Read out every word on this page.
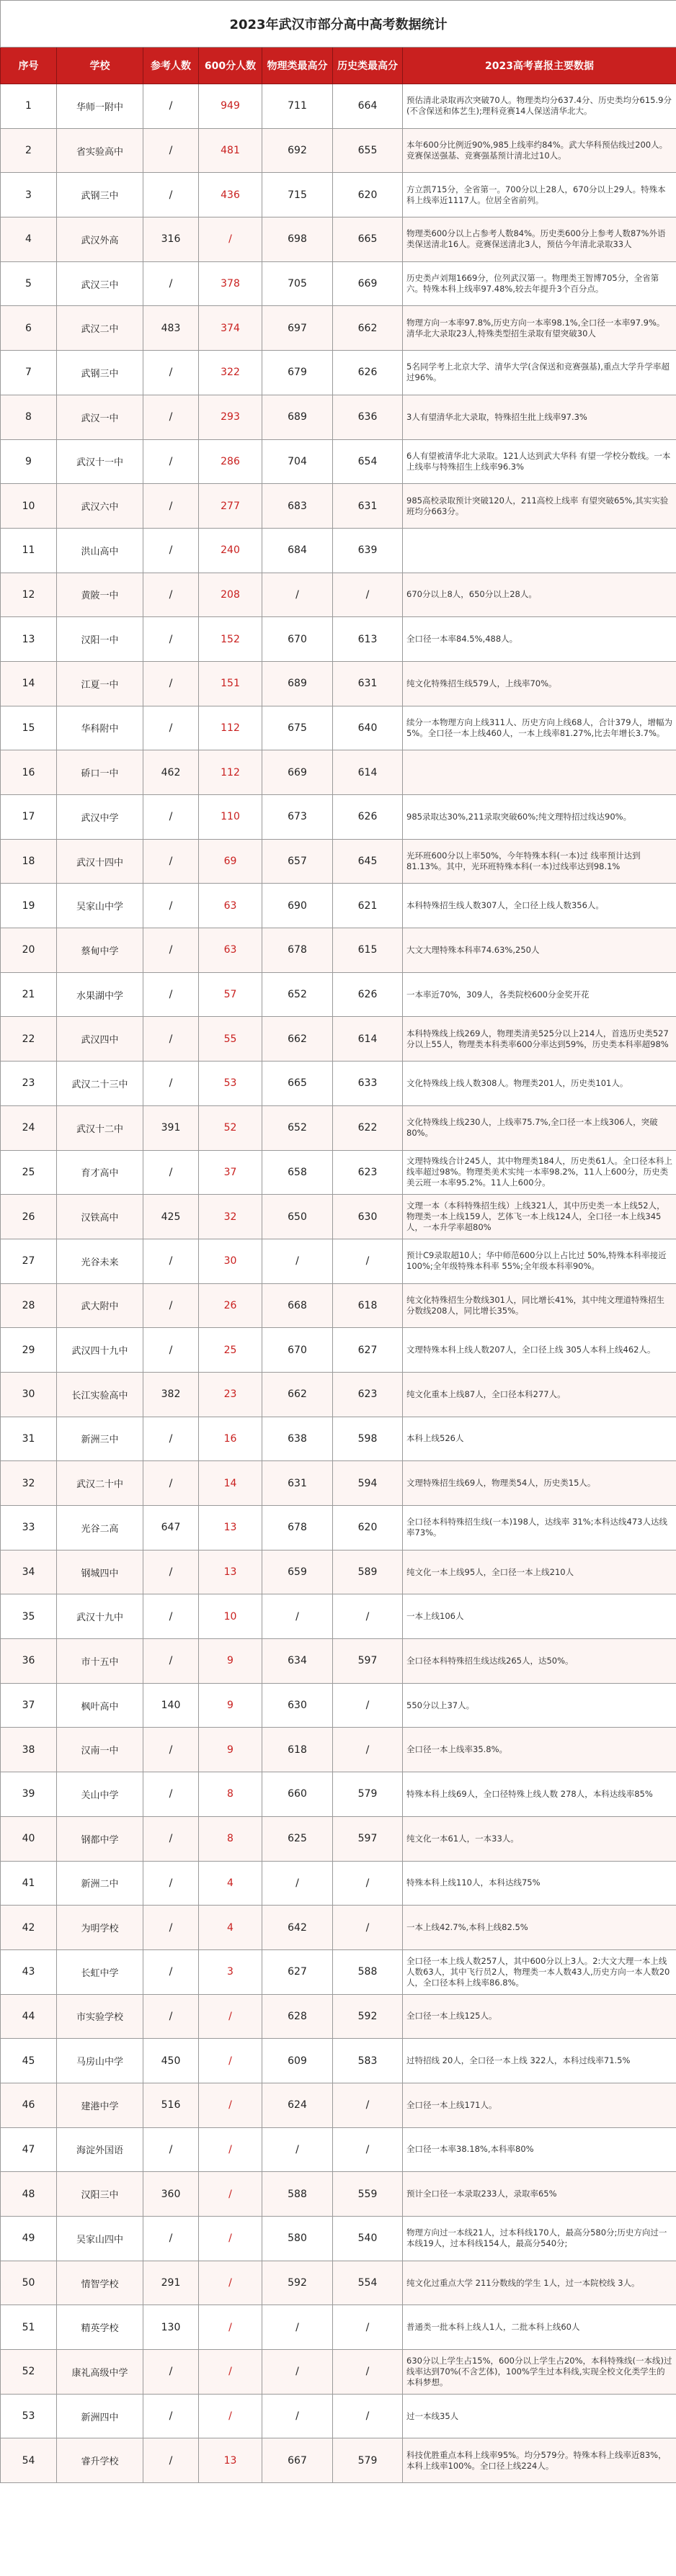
2023年武汉市部分高中高考数据统计						
序号	学校	参考人数	600分人数	物理类最高分	历史类最高分	2023高考喜报主要数据
1	华师一附中	/	949	711	664	预估清北录取再次突破70人。物理类均分637.4分、历史类均分615.9分(不含保送和体艺生);理科竞赛14人保送清华北大。
2	省实验高中	/	481	692	655	本年600分比例近90%,985上线率约84%。武大华科预估线过200人。竞赛保送强基、竞赛强基预计清北过10人。
3	武钢三中	/	436	715	620	方立凯715分，全省第一。700分以上28人，670分以上29人。特殊本科上线率近1117人。位居全省前列。
4	武汉外高	316	/	698	665	物理类600分以上占参考人数84%。历史类600分上参考人数87%外语类保送清北16人。竞赛保送清北3人，预估今年清北录取33人
5	武汉三中	/	378	705	669	历史类卢刘翔1669分，位列武汉第一。物理类王智博705分，全省第六。特殊本科上线率97.48%,较去年提升3个百分点。
6	武汉二中	483	374	697	662	物理方向一本率97.8%,历史方向一本率98.1%,全口径一本率97.9%。清华北大录取23人,特殊类型招生录取有望突破30人
7	武钢三中	/	322	679	626	5名同学考上北京大学、清华大学(含保送和竞赛强基),重点大学升学率超过96%。
8	武汉一中	/	293	689	636	3人有望清华北大录取，特殊招生批上线率97.3%
9	武汉十一中	/	286	704	654	6人有望被清华北大录取。121人达到武大华科 有望一学校分数线。一本上线率与特殊招生上线率96.3%
10	武汉六中	/	277	683	631	985高校录取预计突破120人，211高校上线率 有望突破65%,其实实验班均分663分。
11	洪山高中	/	240	684	639	
12	黄陂一中	/	208	/	/	670分以上8人，650分以上28人。
13	汉阳一中	/	152	670	613	全口径一本率84.5%,488人。
14	江夏一中	/	151	689	631	纯文化特殊招生线579人，上线率70%。
15	华科附中	/	112	675	640	续分一本物理方向上线311人、历史方向上线68人，合计379人，增幅为5%。全口径一本上线460人，一本上线率81.27%,比去年增长3.7%。
16	硚口一中	462	112	669	614	
17	武汉中学	/	110	673	626	985录取达30%,211录取突破60%;纯文理特招过线达90%。
18	武汉十四中	/	69	657	645	光环班600分以上率50%，今年特殊本科(一本)过 线率预计达到81.13%。其中，光环班特殊本科(一本)过线率达到98.1%
19	吴家山中学	/	63	690	621	本科特殊招生线人数307人，全口径上线人数356人。
20	蔡甸中学	/	63	678	615	大文大理特殊本科率74.63%,250人
21	水果湖中学	/	57	652	626	一本率近70%，309人，各类院校600分金奖开花
22	武汉四中	/	55	662	614	本科特殊线上线269人，物理类清美525分以上214人，首选历史类527分以上55人，物理类本科类率600分率达到59%，历史类本科率超98%
23	武汉二十三中	/	53	665	633	文化特殊线上线人数308人。物理类201人，历史类101人。
24	武汉十二中	391	52	652	622	文化特殊线上线230人，上线率75.7%,全口径一本上线306人，突破80%。
25	育才高中	/	37	658	623	文理特殊线合计245人，其中物理类184人，历史类61人。全口径本科上线率超过98%。物理类美术实纯一本率98.2%，11人上600分，历史类美云班一本率95.2%。11人上600分。
26	汉铁高中	425	32	650	630	文理一本（本科特殊招生线）上线321人，其中历史类一本上线52人，物理类一本上线159人，艺体飞一本上线124人，全口径一本上线345人，一本升学率超80%
27	光谷未来	/	30	/	/	预计C9录取超10人；华中师范600分以上占比过 50%,特殊本科率接近100%;全年级特殊本科率 55%;全年级本科率90%。
28	武大附中	/	26	668	618	纯文化特殊招生分数线301人，同比增长41%，其中纯文理道特殊招生分数线208人，同比增长35%。
29	武汉四十九中	/	25	670	627	文理特殊本科上线人数207人，全口径上线 305人本科上线462人。
30	长江实验高中	382	23	662	623	纯文化重本上线87人，全口径本科277人。
31	新洲三中	/	16	638	598	本科上线526人
32	武汉二十中	/	14	631	594	文理特殊招生线69人，物理类54人，历史类15人。
33	光谷二高	647	13	678	620	全口径本科特殊招生线(一本)198人，达线率 31%;本科达线473人达线率73%。
34	钢城四中	/	13	659	589	纯文化一本上线95人，全口径一本上线210人
35	武汉十九中	/	10	/	/	一本上线106人
36	市十五中	/	9	634	597	全口径本科特殊招生线达线265人，达50%。
37	枫叶高中	140	9	630	/	550分以上37人。
38	汉南一中	/	9	618	/	全口径一本上线率35.8%。
39	关山中学	/	8	660	579	特殊本科上线69人，全口径特殊上线人数 278人，本科达线率85%
40	钢都中学	/	8	625	597	纯文化一本61人，一本33人。
41	新洲二中	/	4	/	/	特殊本科上线110人，本科达线75%
42	为明学校	/	4	642	/	一本上线42.7%,本科上线82.5%
43	长虹中学	/	3	627	588	全口径一本上线人数257人，其中600分以上3人。2:大文大理一本上线人数63人，其中飞行员2人，物理类一本人数43人,历史方向一本人数20人，全口径本科上线率86.8%。
44	市实验学校	/	/	628	592	全口径一本上线125人。
45	马房山中学	450	/	609	583	过特招线 20人，全口径一本上线 322人，本科过线率71.5%
46	建港中学	516	/	624	/	全口径一本上线171人。
47	海淀外国语	/	/	/	/	全口径一本率38.18%,本科率80%
48	汉阳三中	360	/	588	559	预计全口径一本录取233人，录取率65%
49	吴家山四中	/	/	580	540	物理方向过一本线21人，过本科线170人，最高分580分;历史方向过一本线19人，过本科线154人，最高分540分;
50	情智学校	291	/	592	554	纯文化过重点大学 211分数线的学生 1人，过一本院校线 3人。
51	精英学校	130	/	/	/	普通类一批本科上线人1人，二批本科上线60人
52	康礼高级中学	/	/	/	/	630分以上学生占15%，600分以上学生占20%，本科特殊线(一本线)过线率达到70%(不含艺体)，100%学生过本科线,实现全校文化类学生的本科梦想。
53	新洲四中	/	/	/	/	过一本线35人
54	睿升学校	/	13	667	579	科技优胜重点本科上线率95%。均分579分。特殊本科上线率近83%，本科上线率100%。全口径上线224人。
